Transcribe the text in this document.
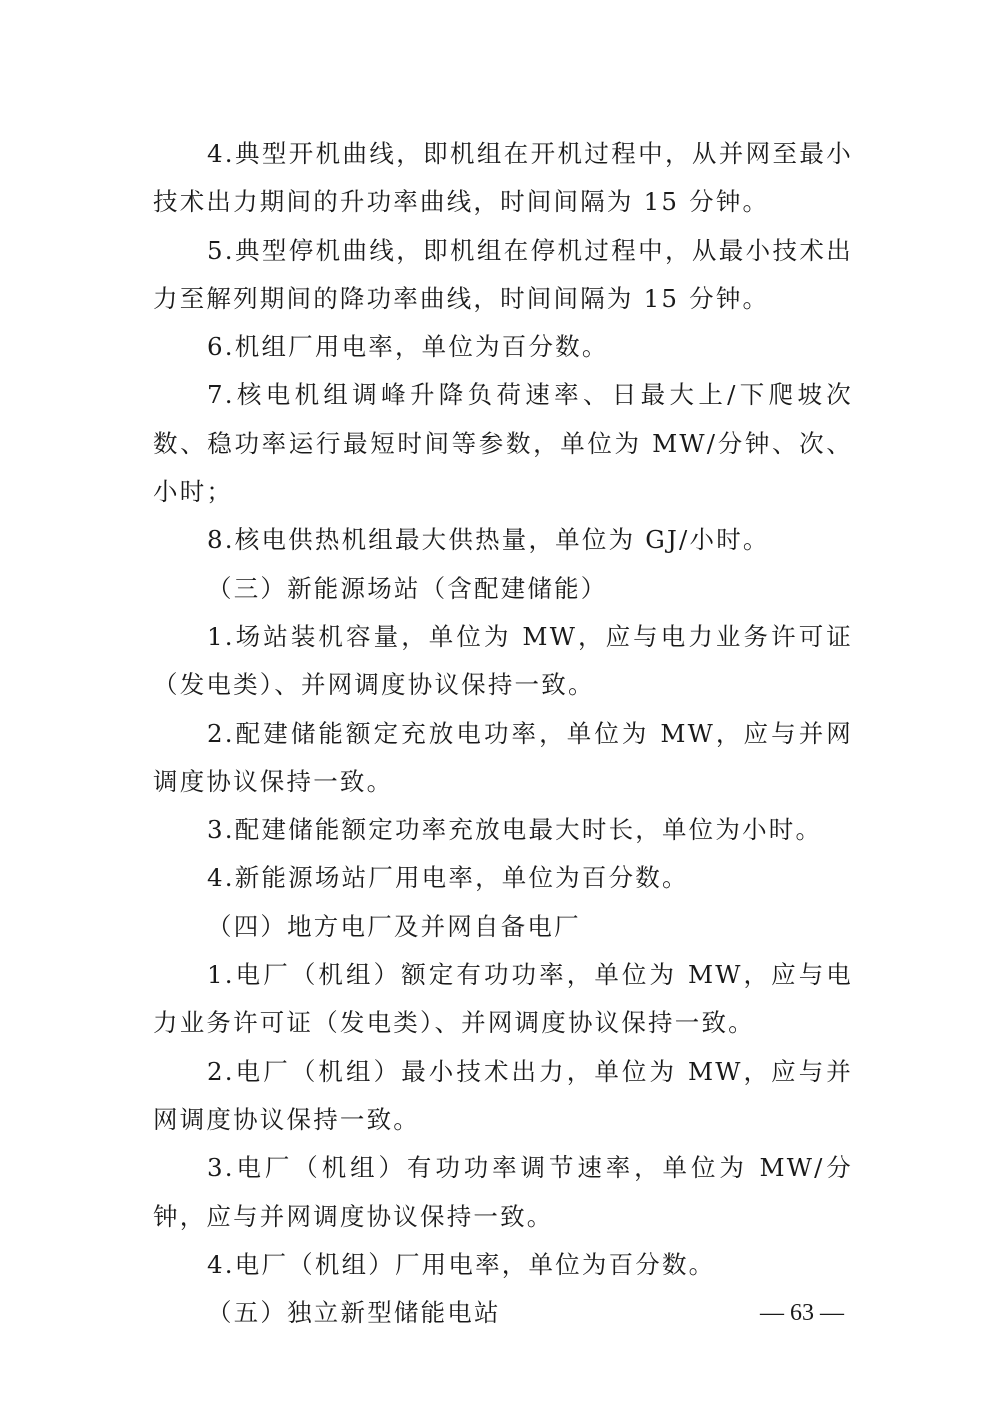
4.典型开机曲线，即机组在开机过程中，从并网至最小技术出力期间的升功率曲线，时间间隔为 15 分钟。

5.典型停机曲线，即机组在停机过程中，从最小技术出力至解列期间的降功率曲线，时间间隔为 15 分钟。

6.机组厂用电率，单位为百分数。

7.核电机组调峰升降负荷速率、日最大上/下爬坡次数、稳功率运行最短时间等参数，单位为 MW/分钟、次、小时；

8.核电供热机组最大供热量，单位为 GJ/小时。

（三）新能源场站（含配建储能）

1.场站装机容量，单位为 MW，应与电力业务许可证（发电类）、并网调度协议保持一致。

2.配建储能额定充放电功率，单位为 MW，应与并网调度协议保持一致。

3.配建储能额定功率充放电最大时长，单位为小时。

4.新能源场站厂用电率，单位为百分数。

（四）地方电厂及并网自备电厂

1.电厂（机组）额定有功功率，单位为 MW，应与电力业务许可证（发电类）、并网调度协议保持一致。

2.电厂（机组）最小技术出力，单位为 MW，应与并网调度协议保持一致。

3.电厂（机组）有功功率调节速率，单位为 MW/分钟，应与并网调度协议保持一致。

4.电厂（机组）厂用电率，单位为百分数。

（五）独立新型储能电站	— 63 —
